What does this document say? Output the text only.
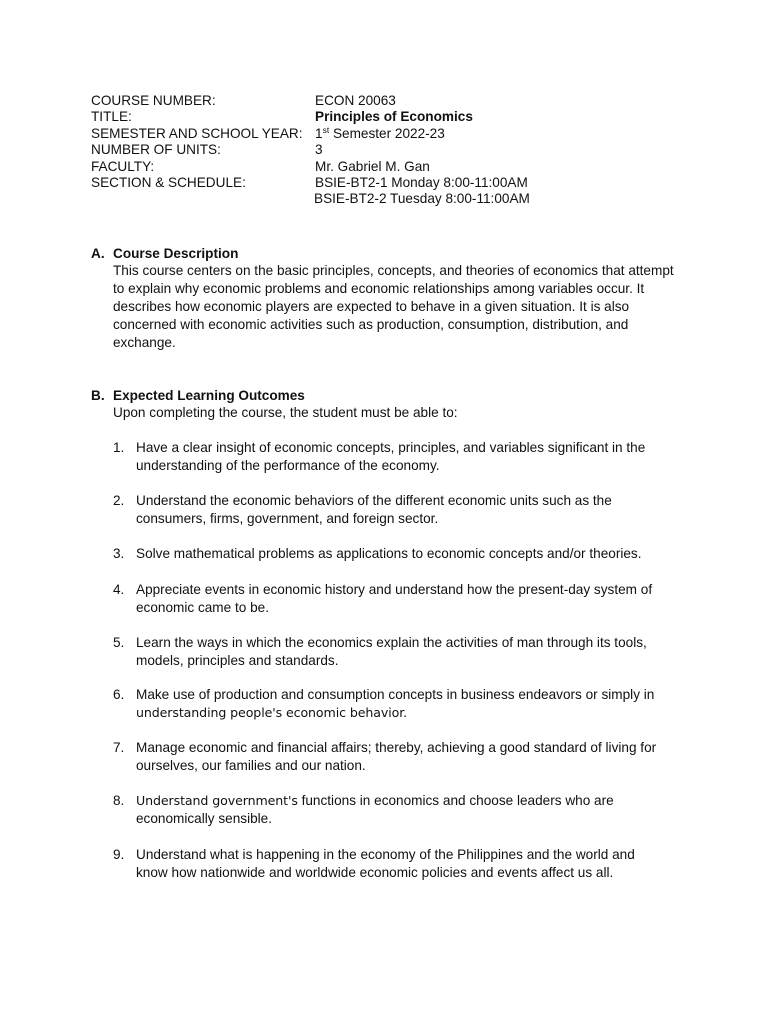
COURSE NUMBER:	ECON 20063
TITLE:	Principles of Economics
SEMESTER AND SCHOOL YEAR: 1st Semester 2022-23
NUMBER OF UNITS:	3
FACULTY:	Mr. Gabriel M. Gan
SECTION & SCHEDULE:	BSIE-BT2-1 Monday 8:00-11:00AM
BSIE-BT2-2 Tuesday 8:00-11:00AM
A. Course Description
This course centers on the basic principles, concepts, and theories of economics that attempt to explain why economic problems and economic relationships among variables occur. It describes how economic players are expected to behave in a given situation. It is also concerned with economic activities such as production, consumption, distribution, and exchange.
B. Expected Learning Outcomes
Upon completing the course, the student must be able to:
1. Have a clear insight of economic concepts, principles, and variables significant in the
understanding of the performance of the economy.
2. Understand the economic behaviors of the different economic units such as the
consumers, firms, government, and foreign sector.
3. Solve mathematical problems as applications to economic concepts and/or theories.
4. Appreciate events in economic history and understand how the present-day system of
economic came to be.
5. Learn the ways in which the economics explain the activities of man through its tools,
models, principles and standards.
6. Make use of production and consumption concepts in business endeavors or simply in
understanding people's economic behavior.
7. Manage economic and financial affairs; thereby, achieving a good standard of living for
ourselves, our families and our nation.
8. Understand government's functions in economics and choose leaders who are
economically sensible.
9. Understand what is happening in the economy of the Philippines and the world and
know how nationwide and worldwide economic policies and events affect us all.
